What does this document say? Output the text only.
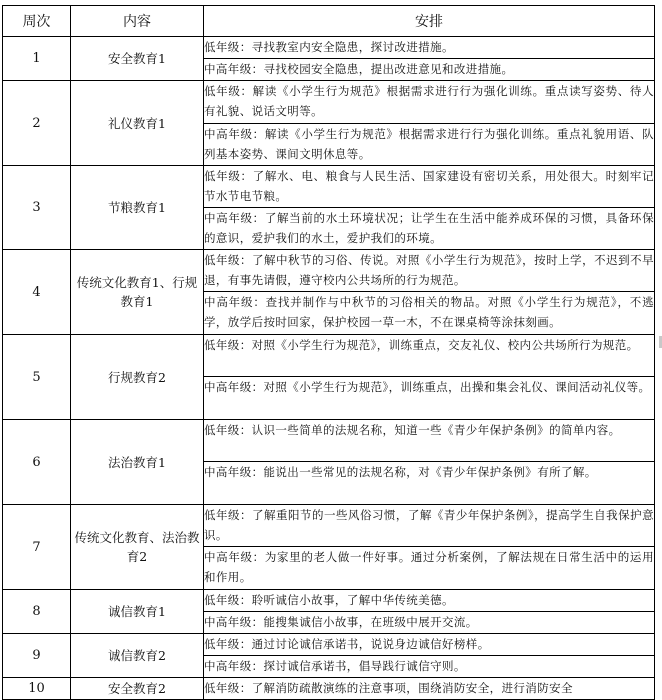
周次	内容	安排
1	安全教育1	低年级：寻找教室内安全隐患，探讨改进措施。
		中高年级：寻找校园安全隐患，提出改进意见和改进措施。
2	礼仪教育1	低年级：解读《小学生行为规范》根据需求进行行为强化训练。重点读写姿势、待人有礼貌、说话文明等。
		中高年级：解读《小学生行为规范》根据需求进行行为强化训练。重点礼貌用语、队列基本姿势、课间文明休息等。
3	节粮教育1	低年级：了解水、电、粮食与人民生活、国家建设有密切关系，用处很大。时刻牢记节水节电节粮。
		中高年级：了解当前的水土环境状况；让学生在生活中能养成环保的习惯，具备环保的意识，爱护我们的水土，爱护我们的环境。
4	传统文化教育1、行规教育1	低年级：了解中秋节的习俗、传说。对照《小学生行为规范》，按时上学，不迟到不早退，有事先请假，遵守校内公共场所的行为规范。
		中高年级：查找并制作与中秋节的习俗相关的物品。对照《小学生行为规范》，不逃学，放学后按时回家，保护校园一草一木，不在课桌椅等涂抹刻画。
5	行规教育2	低年级：对照《小学生行为规范》，训练重点，交友礼仪、校内公共场所行为规范。
		中高年级：对照《小学生行为规范》，训练重点，出操和集会礼仪、课间活动礼仪等。
6	法治教育1	低年级：认识一些简单的法规名称，知道一些《青少年保护条例》的简单内容。
		中高年级：能说出一些常见的法规名称，对《青少年保护条例》有所了解。
7	传统文化教育、法治教育2	低年级：了解重阳节的一些风俗习惯，了解《青少年保护条例》，提高学生自我保护意识。
		中高年级：为家里的老人做一件好事。通过分析案例，了解法规在日常生活中的运用和作用。
8	诚信教育1	低年级：聆听诚信小故事，了解中华传统美德。
		中高年级：能搜集诚信小故事，在班级中展开交流。
9	诚信教育2	低年级：通过讨论诚信承诺书，说说身边诚信好榜样。
		中高年级：探讨诚信承诺书，倡导践行诚信守则。
10	安全教育2	低年级：了解消防疏散演练的注意事项，围绕消防安全，进行消防安全
